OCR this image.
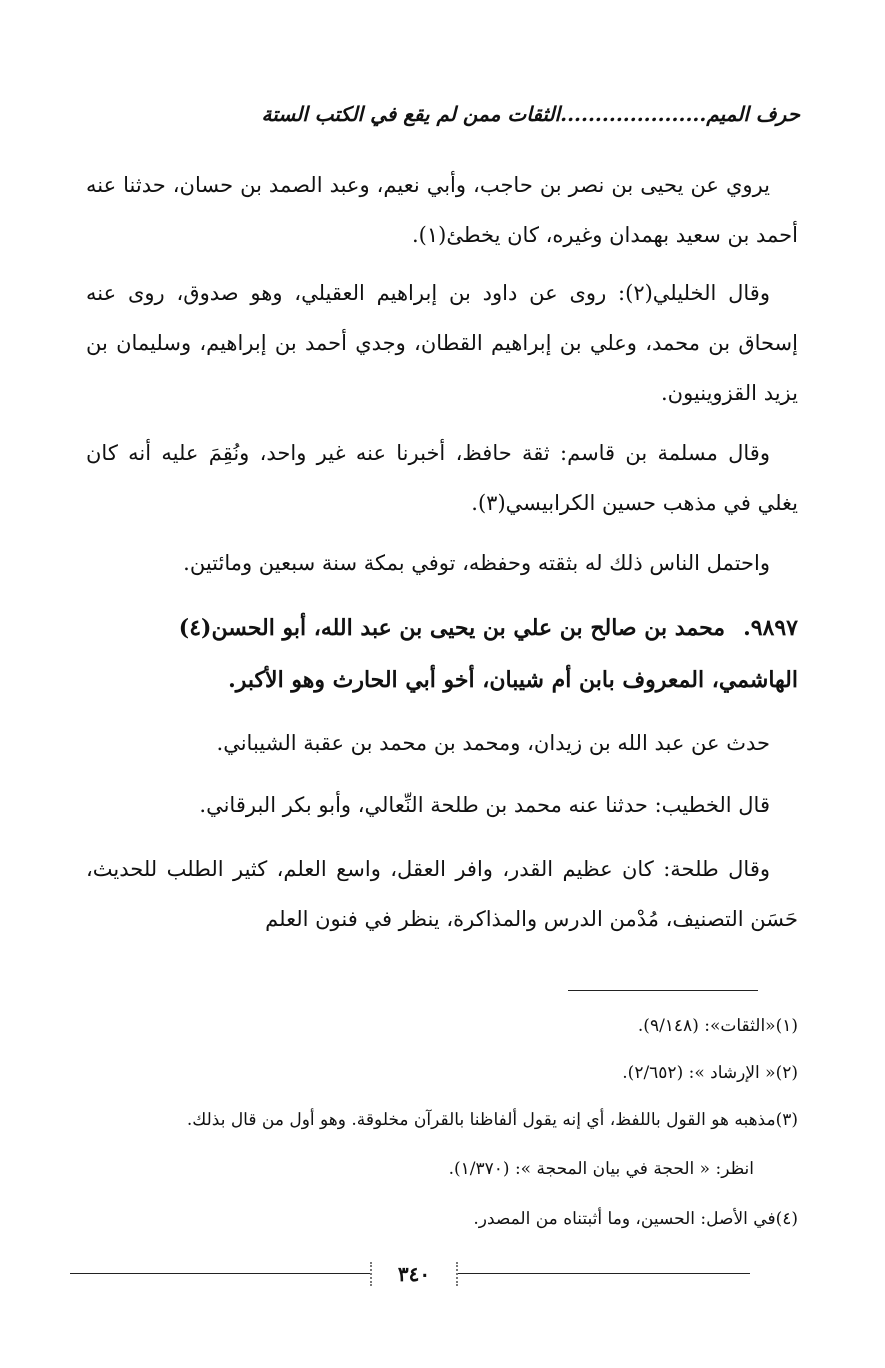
حرف الميم.....................الثقات ممن لم يقع في الكتب الستة

يروي عن يحيى بن نصر بن حاجب، وأبي نعيم، وعبد الصمد بن حسان، حدثنا عنه أحمد بن سعيد بهمدان وغيره، كان يخطئ(١).

وقال الخليلي(٢): روى عن داود بن إبراهيم العقيلي، وهو صدوق، روى عنه إسحاق بن محمد، وعلي بن إبراهيم القطان، وجدي أحمد بن إبراهيم، وسليمان بن يزيد القزوينيون.

وقال مسلمة بن قاسم: ثقة حافظ، أخبرنا عنه غير واحد، ونُقِمَ عليه أنه كان يغلي في مذهب حسين الكرابيسي(٣).

واحتمل الناس ذلك له بثقته وحفظه، توفي بمكة سنة سبعين ومائتين.

٩٨٩٧.محمد بن صالح بن علي بن يحيى بن عبد الله، أبو الحسن(٤) الهاشمي، المعروف بابن أم شيبان، أخو أبي الحارث وهو الأكبر.

حدث عن عبد الله بن زيدان، ومحمد بن محمد بن عقبة الشيباني.

قال الخطيب: حدثنا عنه محمد بن طلحة النِّعالي، وأبو بكر البرقاني.

وقال طلحة: كان عظيم القدر، وافر العقل، واسع العلم، كثير الطلب للحديث، حَسَن التصنيف، مُدْمن الدرس والمذاكرة، ينظر في فنون العلم

(١)«الثقات»: (٩/١٤٨).

(٢)« الإرشاد »: (٢/٦٥٢).

(٣)مذهبه هو القول باللفظ، أي إنه يقول ألفاظنا بالقرآن مخلوقة. وهو أول من قال بذلك.

انظر: « الحجة في بيان المحجة »: (١/٣٧٠).

(٤)في الأصل: الحسين، وما أثبتناه من المصدر.

٣٤٠
